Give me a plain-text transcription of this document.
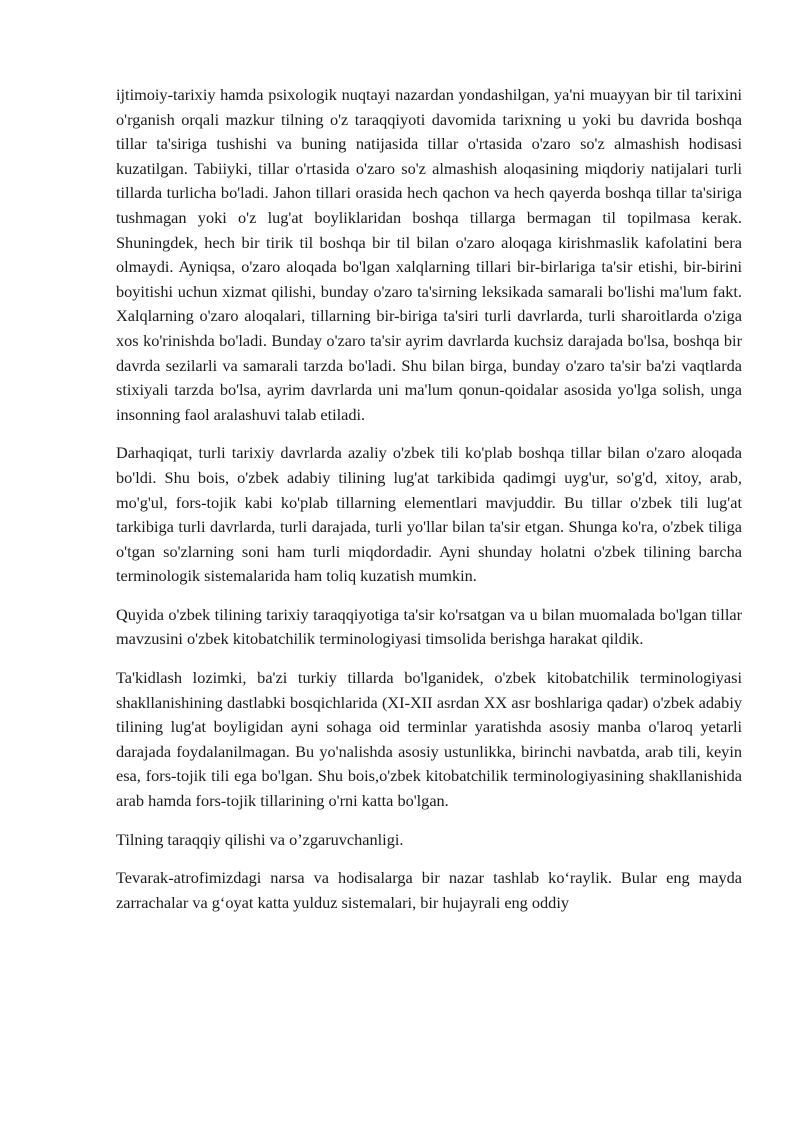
ijtimoiy-tarixiy hamda psixologik nuqtayi nazardan yondashilgan, ya'ni muayyan bir til tarixini o'rganish orqali mazkur tilning o'z taraqqiyoti davomida tarixning u yoki bu davrida boshqa tillar ta'siriga tushishi va buning natijasida tillar o'rtasida o'zaro so'z almashish hodisasi kuzatilgan. Tabiiyki, tillar o'rtasida o'zaro so'z almashish aloqasining miqdoriy natijalari turli tillarda turlicha bo'ladi. Jahon tillari orasida hech qachon va hech qayerda boshqa tillar ta'siriga tushmagan yoki o'z lug'at boyliklaridan boshqa tillarga bermagan til topilmasa kerak. Shuningdek, hech bir tirik til boshqa bir til bilan o'zaro aloqaga kirishmaslik kafolatini bera olmaydi. Ayniqsa, o'zaro aloqada bo'lgan xalqlarning tillari bir-birlariga ta'sir etishi, bir-birini boyitishi uchun xizmat qilishi, bunday o'zaro ta'sirning leksikada samarali bo'lishi ma'lum fakt. Xalqlarning o'zaro aloqalari, tillarning bir-biriga ta'siri turli davrlarda, turli sharoitlarda o'ziga xos ko'rinishda bo'ladi. Bunday o'zaro ta'sir ayrim davrlarda kuchsiz darajada bo'lsa, boshqa bir davrda sezilarli va samarali tarzda bo'ladi. Shu bilan birga, bunday o'zaro ta'sir ba'zi vaqtlarda stixiyali tarzda bo'lsa, ayrim davrlarda uni ma'lum qonun-qoidalar asosida yo'lga solish, unga insonning faol aralashuvi talab etiladi.

Darhaqiqat, turli tarixiy davrlarda azaliy o'zbek tili ko'plab boshqa tillar bilan o'zaro aloqada bo'ldi. Shu bois, o'zbek adabiy tilining lug'at tarkibida qadimgi uyg'ur, so'g'd, xitoy, arab, mo'g'ul, fors-tojik kabi ko'plab tillarning elementlari mavjuddir. Bu tillar o'zbek tili lug'at tarkibiga turli davrlarda, turli darajada, turli yo'llar bilan ta'sir etgan. Shunga ko'ra, o'zbek tiliga o'tgan so'zlarning soni ham turli miqdordadir. Ayni shunday holatni o'zbek tilining barcha terminologik sistemalarida ham toliq kuzatish mumkin.

Quyida o'zbek tilining tarixiy taraqqiyotiga ta'sir ko'rsatgan va u bilan muomalada bo'lgan tillar mavzusini o'zbek kitobatchilik terminologiyasi timsolida berishga harakat qildik.

Ta'kidlash lozimki, ba'zi turkiy tillarda bo'lganidek, o'zbek kitobatchilik terminologiyasi shakllanishining dastlabki bosqichlarida (XI-XII asrdan XX asr boshlariga qadar) o'zbek adabiy tilining lug'at boyligidan ayni sohaga oid terminlar yaratishda asosiy manba o'laroq yetarli darajada foydalanilmagan. Bu yo'nalishda asosiy ustunlikka, birinchi navbatda, arab tili, keyin esa, fors-tojik tili ega bo'lgan. Shu bois,o'zbek kitobatchilik terminologiyasining shakllanishida arab hamda fors-tojik tillarining o'rni katta bo'lgan.

Tilning taraqqiy qilishi va o’zgaruvchanligi.

Tevarak-atrofimizdagi narsa va hodisalarga bir nazar tashlab ko‘raylik. Bular eng mayda zarrachalar va g‘oyat katta yulduz sistemalari, bir hujayrali eng oddiy
